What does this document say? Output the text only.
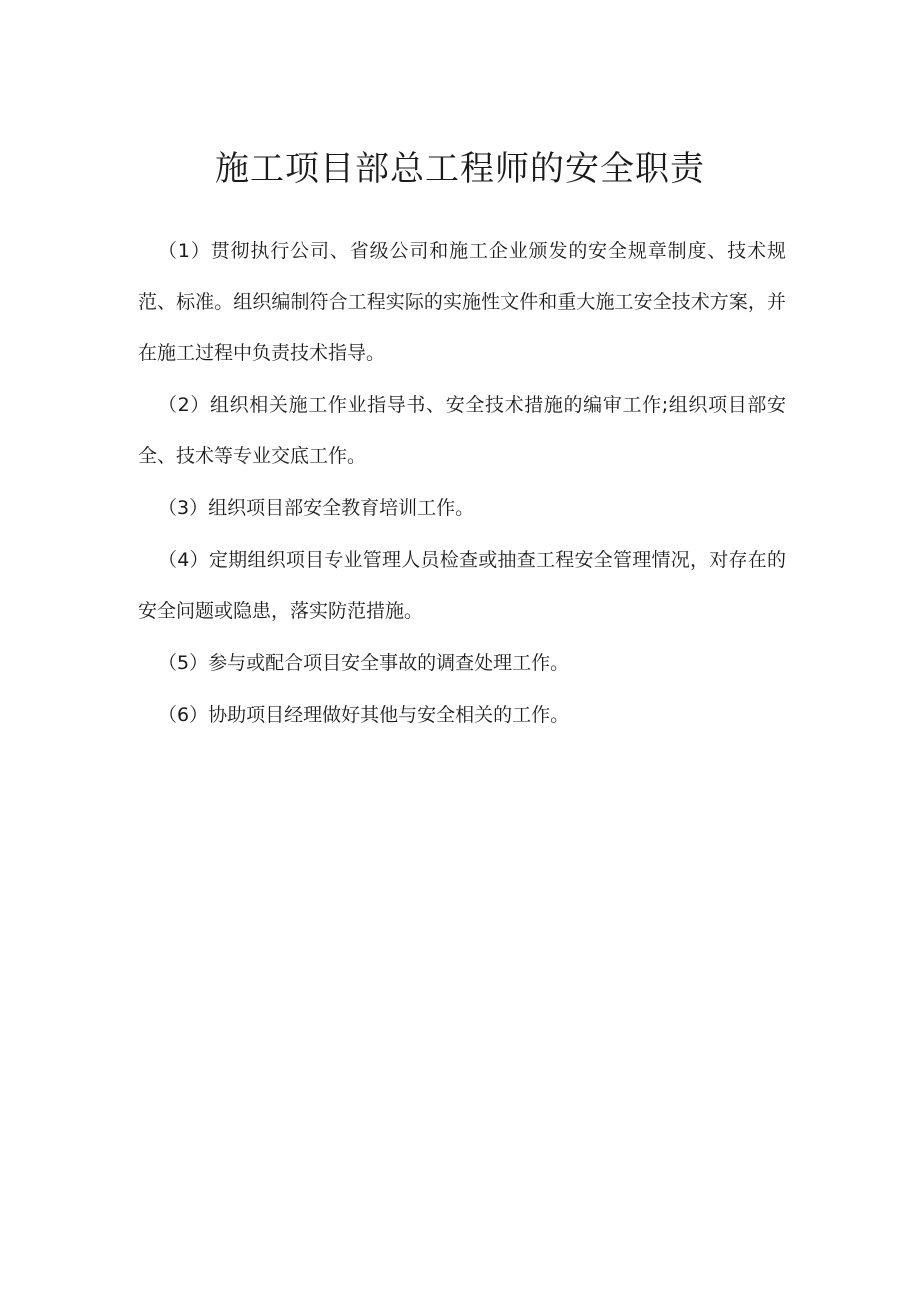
施工项目部总工程师的安全职责

（1）贯彻执行公司、省级公司和施工企业颁发的安全规章制度、技术规范、标准。组织编制符合工程实际的实施性文件和重大施工安全技术方案，并在施工过程中负责技术指导。

（2）组织相关施工作业指导书、安全技术措施的编审工作;组织项目部安全、技术等专业交底工作。

（3）组织项目部安全教育培训工作。

（4）定期组织项目专业管理人员检查或抽查工程安全管理情况，对存在的安全问题或隐患，落实防范措施。

（5）参与或配合项目安全事故的调查处理工作。

（6）协助项目经理做好其他与安全相关的工作。
